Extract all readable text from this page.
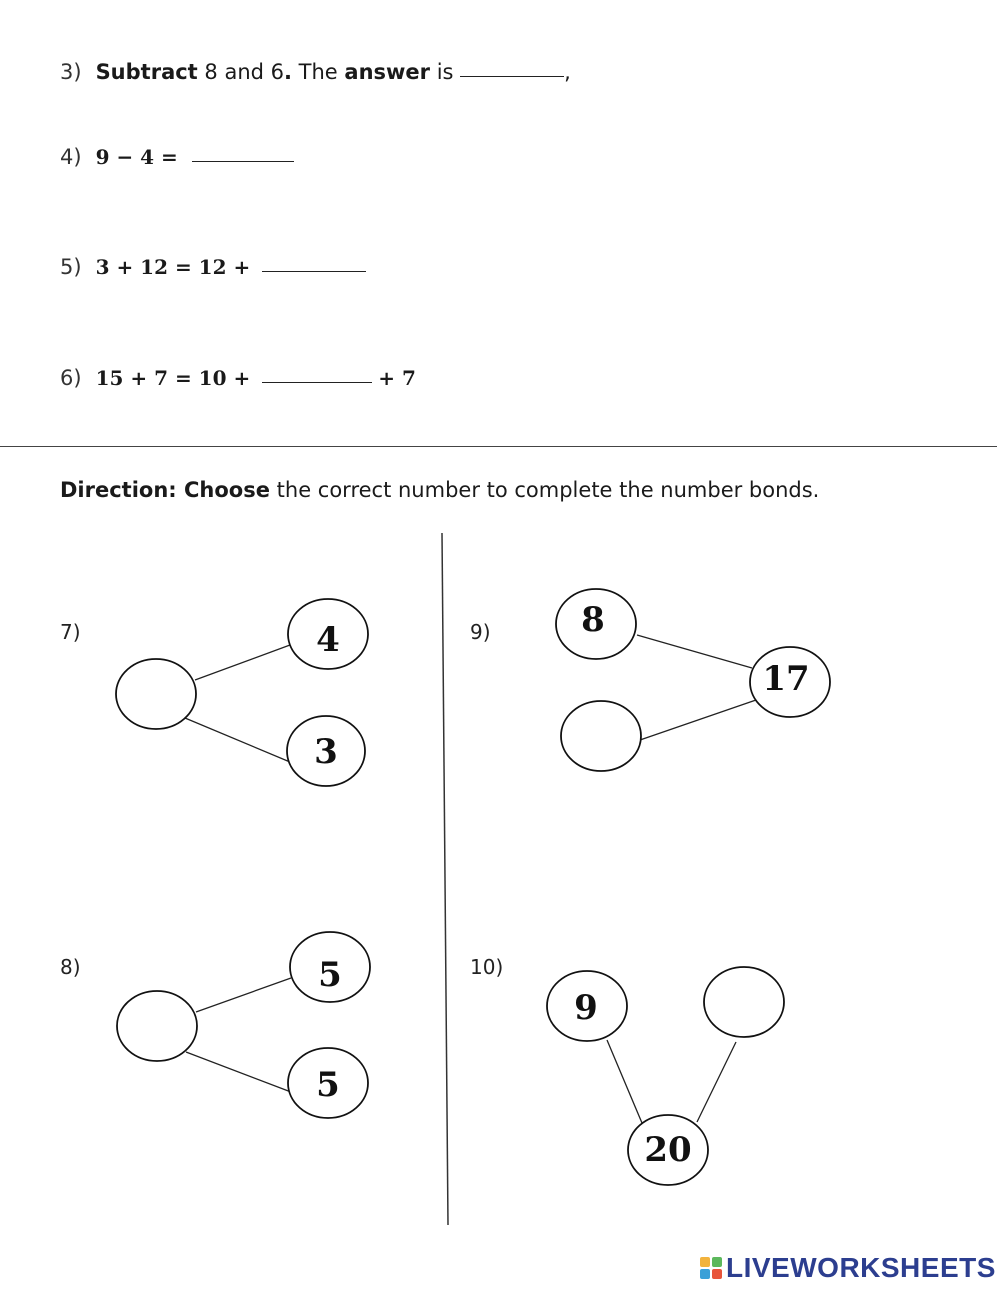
3) Subtract 8 and 6. The answer is	,
4) 9 − 4 =
5) 3 + 12 = 12 +
6) 15 + 7 = 10 +	+ 7
Direction: Choose the correct number to complete the number bonds.
7)
8)
9)
10)
4
3
5
5
8
17
9
20
LIVEWORKSHEETS
